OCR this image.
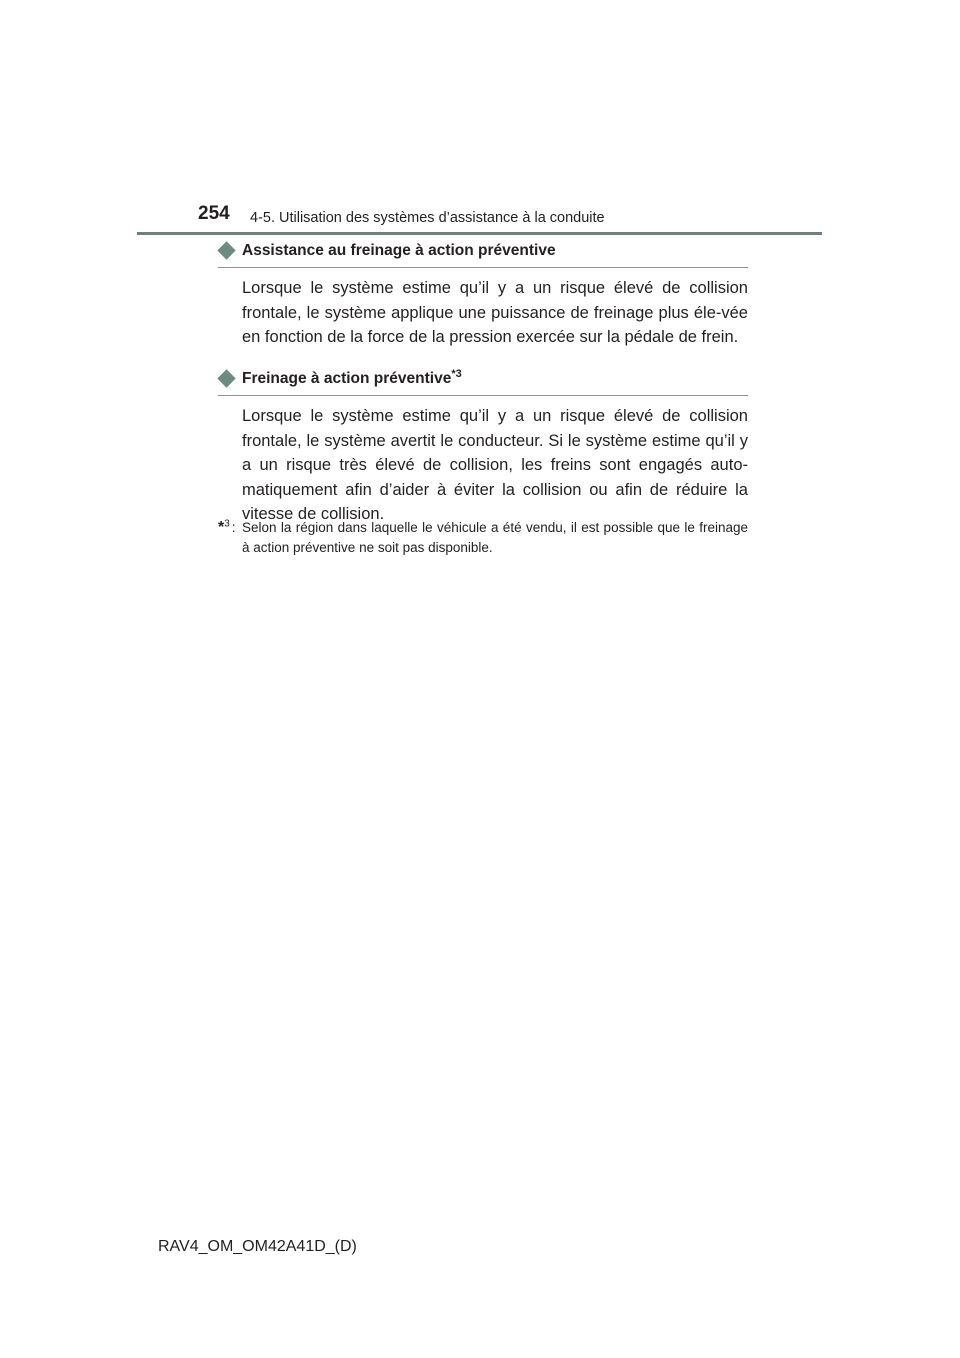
254 4-5. Utilisation des systèmes d’assistance à la conduite
Assistance au freinage à action préventive

Lorsque le système estime qu’il y a un risque élevé de collision frontale, le système applique une puissance de freinage plus éle-vée en fonction de la force de la pression exercée sur la pédale de frein.

Freinage à action préventive$^{*3}$

Lorsque le système estime qu’il y a un risque élevé de collision frontale, le système avertit le conducteur. Si le système estime qu’il y a un risque très élevé de collision, les freins sont engagés auto-matiquement afin d’aider à éviter la collision ou afin de réduire la vitesse de collision.

*$^3$ : Selon la région dans laquelle le véhicule a été vendu, il est possible que le freinage à action préventive ne soit pas disponible.
RAV4_OM_OM42A41D_(D)
